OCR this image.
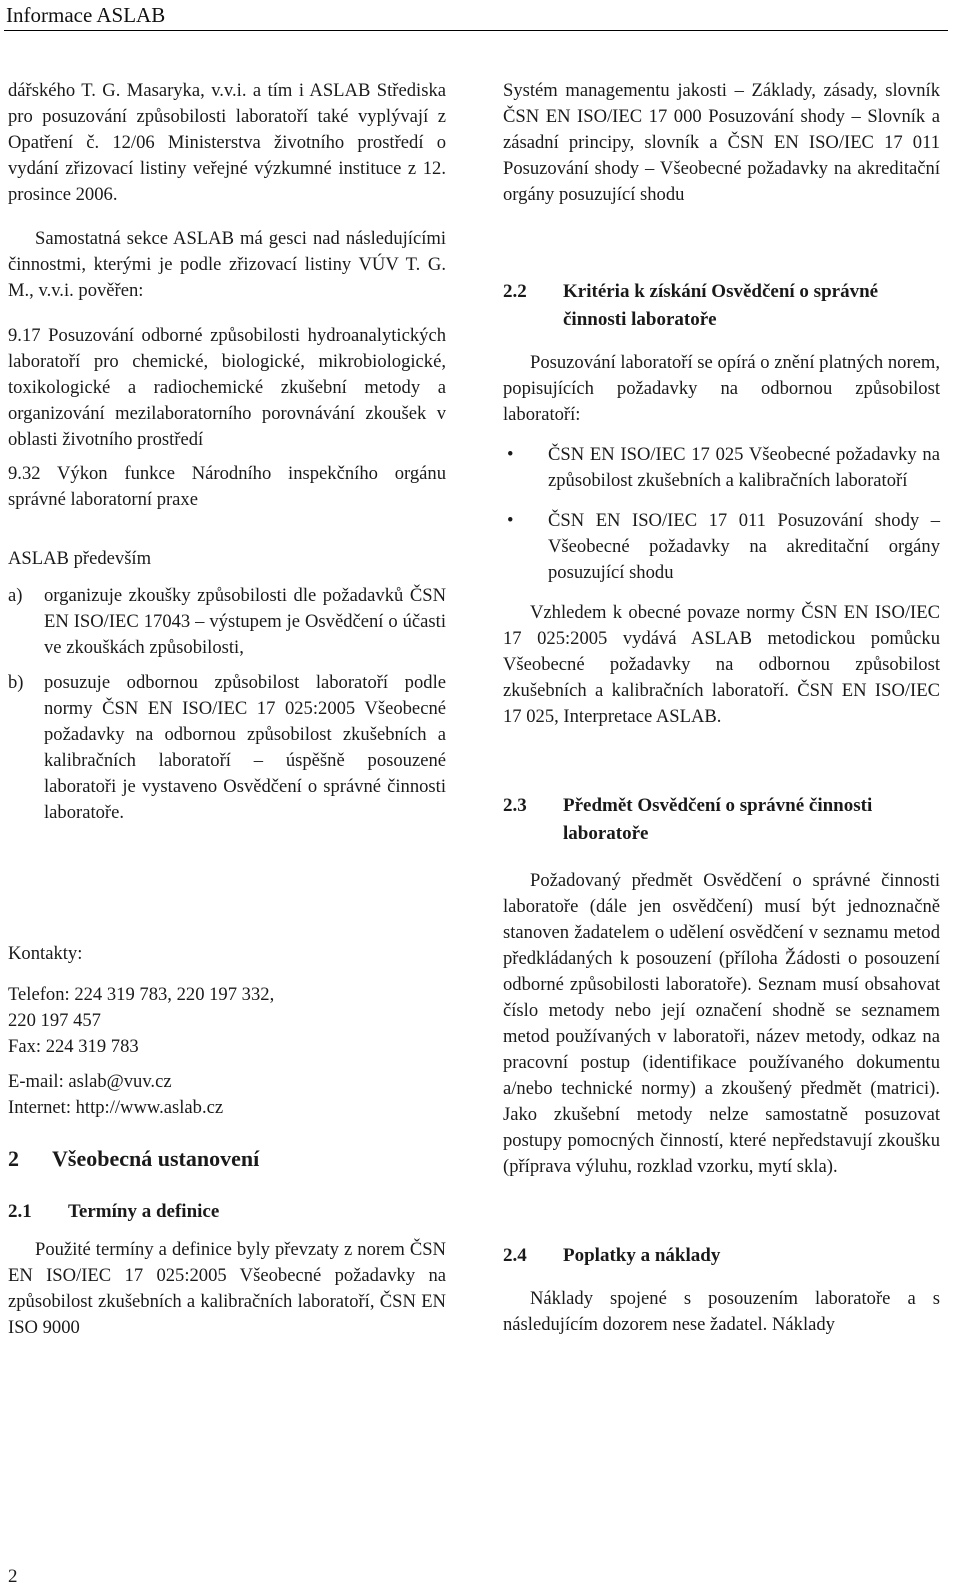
Informace ASLAB

dářského T. G. Masaryka, v.v.i. a tím i ASLAB Střediska pro posuzování způsobilosti laboratoří také vyplývají z Opatření č. 12/06 Ministerstva životního prostředí o vydání zřizovací listiny veřejné výzkumné instituce z 12. prosince 2006.

Samostatná sekce ASLAB má gesci nad následujícími činnostmi, kterými je podle zřizovací listiny VÚV T. G. M., v.v.i. pověřen:

9.17 Posuzování odborné způsobilosti hydroanalytických laboratoří pro chemické, biologické, mikrobiologické, toxikologické a radiochemické zkušební metody a organizování mezilaboratorního porovnávání zkoušek v oblasti životního prostředí

9.32 Výkon funkce Národního inspekčního orgánu správné laboratorní praxe

ASLAB především

a)	organizuje zkoušky způsobilosti dle požadavků ČSN EN ISO/IEC 17043 – výstupem je Osvědčení o účasti ve zkouškách způsobilosti,
b)	posuzuje odbornou způsobilost laboratoří podle normy ČSN EN ISO/IEC 17 025:2005 Všeobecné požadavky na odbornou způsobilost zkušebních a kalibračních laboratoří – úspěšně posouzené laboratoři je vystaveno Osvědčení o správné činnosti laboratoře.

Kontakty:

Telefon: 224 319 783, 220 197 332,

220 197 457

Fax: 224 319 783

E-mail: aslab@vuv.cz

Internet: http://www.aslab.cz

2	Všeobecná ustanovení
2.1	Termíny a definice

Použité termíny a definice byly převzaty z norem ČSN EN ISO/IEC 17 025:2005 Všeobecné požadavky na způsobilost zkušebních a kalibračních laboratoří, ČSN EN ISO 9000

Systém managementu jakosti – Základy, zásady, slovník ČSN EN ISO/IEC 17 000 Posuzování shody – Slovník a zásadní principy, slovník a ČSN EN ISO/IEC 17 011 Posuzování shody – Všeobecné požadavky na akreditační orgány posuzující shodu

2.2	Kritéria k získání Osvědčení o správné činnosti laboratoře

Posuzování laboratoří se opírá o znění platných norem, popisujících požadavky na odbornou způsobilost laboratoří:

•	ČSN EN ISO/IEC 17 025 Všeobecné požadavky na způsobilost zkušebních a kalibračních laboratoří
•	ČSN EN ISO/IEC 17 011 Posuzování shody – Všeobecné požadavky na akreditační orgány posuzující shodu

Vzhledem k obecné povaze normy ČSN EN ISO/IEC 17 025:2005 vydává ASLAB metodickou pomůcku Všeobecné požadavky na odbornou způsobilost zkušebních a kalibračních laboratoří. ČSN EN ISO/IEC 17 025, Interpretace ASLAB.

2.3	Předmět Osvědčení o správné činnosti laboratoře

Požadovaný předmět Osvědčení o správné činnosti laboratoře (dále jen osvědčení) musí být jednoznačně stanoven žadatelem o udělení osvědčení v seznamu metod předkládaných k posouzení (příloha Žádosti o posouzení odborné způsobilosti laboratoře). Seznam musí obsahovat číslo metody nebo její označení shodně se seznamem metod používaných v laboratoři, název metody, odkaz na pracovní postup (identifikace používaného dokumentu a/nebo technické normy) a zkoušený předmět (matrici). Jako zkušební metody nelze samostatně posuzovat postupy pomocných činností, které nepředstavují zkoušku (příprava výluhu, rozklad vzorku, mytí skla).

2.4	Poplatky a náklady

Náklady spojené s posouzením laboratoře a s následujícím dozorem nese žadatel. Náklady

2
